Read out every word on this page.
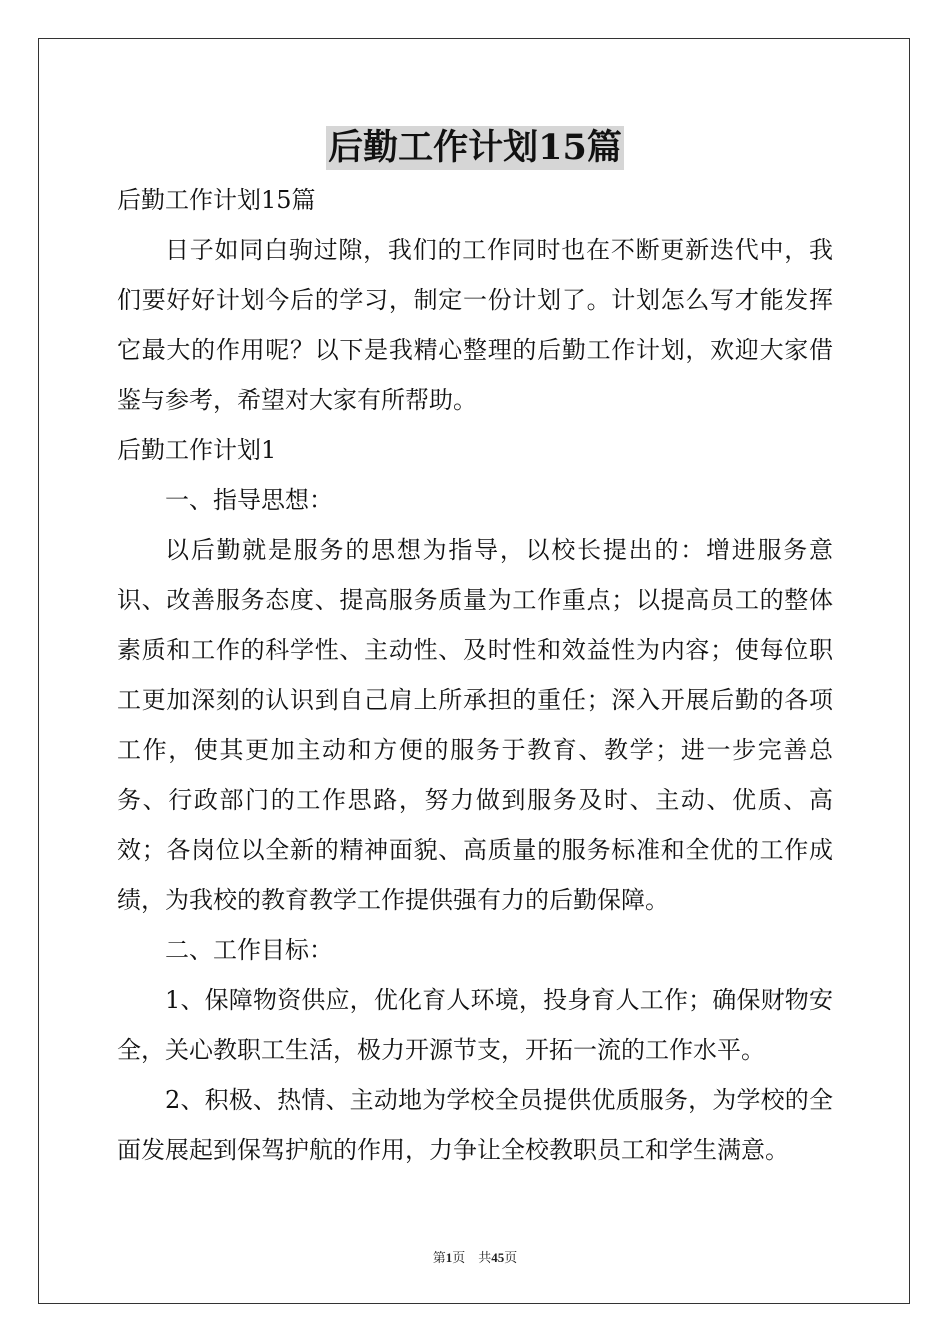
后勤工作计划15篇

后勤工作计划15篇

日子如同白驹过隙，我们的工作同时也在不断更新迭代中，我们要好好计划今后的学习，制定一份计划了。计划怎么写才能发挥它最大的作用呢？以下是我精心整理的后勤工作计划，欢迎大家借鉴与参考，希望对大家有所帮助。

后勤工作计划1

一、指导思想：

以后勤就是服务的思想为指导，以校长提出的：增进服务意识、改善服务态度、提高服务质量为工作重点；以提高员工的整体素质和工作的科学性、主动性、及时性和效益性为内容；使每位职工更加深刻的认识到自己肩上所承担的重任；深入开展后勤的各项工作，使其更加主动和方便的服务于教育、教学；进一步完善总务、行政部门的工作思路，努力做到服务及时、主动、优质、高效；各岗位以全新的精神面貌、高质量的服务标准和全优的工作成绩，为我校的教育教学工作提供强有力的后勤保障。

二、工作目标：

1、保障物资供应，优化育人环境，投身育人工作；确保财物安全，关心教职工生活，极力开源节支，开拓一流的工作水平。

2、积极、热情、主动地为学校全员提供优质服务，为学校的全面发展起到保驾护航的作用，力争让全校教职员工和学生满意。

第1页 共45页
